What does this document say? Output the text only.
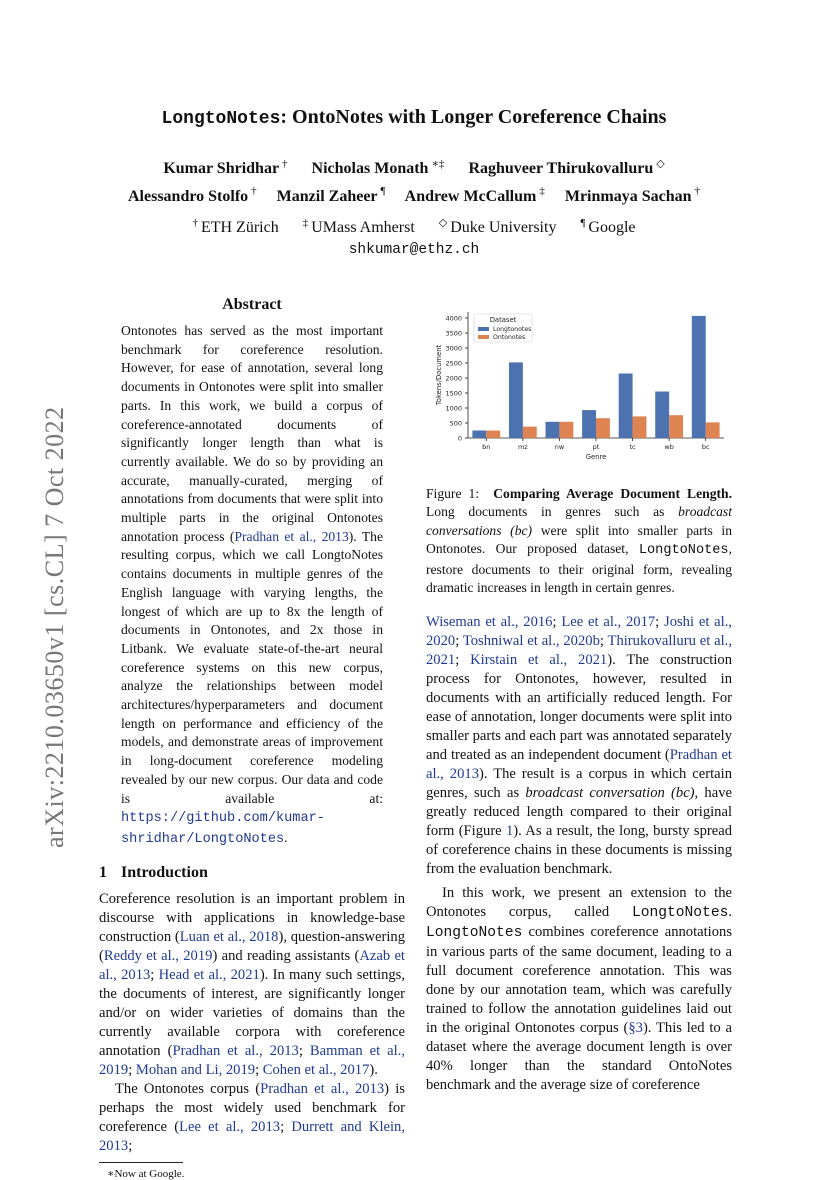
arXiv:2210.03650v1 [cs.CL] 7 Oct 2022
LongtoNotes: OntoNotes with Longer Coreference Chains
Kumar Shridhar † Nicholas Monath ∗‡ Raghuveer Thirukovalluru ◇
Alessandro Stolfo † Manzil Zaheer ¶ Andrew McCallum ‡ Mrinmaya Sachan †
† ETH Zürich ‡ UMass Amherst ◇ Duke University ¶ Google
shkumar@ethz.ch
Abstract

Ontonotes has served as the most important benchmark for coreference resolution. However, for ease of annotation, several long documents in Ontonotes were split into smaller parts. In this work, we build a corpus of coreference-annotated documents of significantly longer length than what is currently available. We do so by providing an accurate, manually-curated, merging of annotations from documents that were split into multiple parts in the original Ontonotes annotation process (Pradhan et al., 2013). The resulting corpus, which we call LongtoNotes contains documents in multiple genres of the English language with varying lengths, the longest of which are up to 8x the length of documents in Ontonotes, and 2x those in Litbank. We evaluate state-of-the-art neural coreference systems on this new corpus, analyze the relationships between model architectures/hyperparameters and document length on performance and efficiency of the models, and demonstrate areas of improvement in long-document coreference modeling revealed by our new corpus. Our data and code is available at: https://github.com/kumar-shridhar/LongtoNotes.

1 Introduction

Coreference resolution is an important problem in discourse with applications in knowledge-base construction (Luan et al., 2018), question-answering (Reddy et al., 2019) and reading assistants (Azab et al., 2013; Head et al., 2021). In many such settings, the documents of interest, are significantly longer and/or on wider varieties of domains than the currently available corpora with coreference annotation (Pradhan et al., 2013; Bamman et al., 2019; Mohan and Li, 2019; Cohen et al., 2017).

The Ontonotes corpus (Pradhan et al., 2013) is perhaps the most widely used benchmark for coreference (Lee et al., 2013; Durrett and Klein, 2013;

∗Now at Google.
0
500
1000
1500
2000
2500
3000
3500
4000
bn	mz	nw	pt	tc	wb	bc
Genre
Tokens/Document
Dataset
Longtonotes
Ontonotes

Figure 1: Comparing Average Document Length. Long documents in genres such as broadcast conversations (bc) were split into smaller parts in Ontonotes. Our proposed dataset, LongtoNotes, restore documents to their original form, revealing dramatic increases in length in certain genres.

Wiseman et al., 2016; Lee et al., 2017; Joshi et al., 2020; Toshniwal et al., 2020b; Thirukovalluru et al., 2021; Kirstain et al., 2021). The construction process for Ontonotes, however, resulted in documents with an artificially reduced length. For ease of annotation, longer documents were split into smaller parts and each part was annotated separately and treated as an independent document (Pradhan et al., 2013). The result is a corpus in which certain genres, such as broadcast conversation (bc), have greatly reduced length compared to their original form (Figure 1). As a result, the long, bursty spread of coreference chains in these documents is missing from the evaluation benchmark.

In this work, we present an extension to the Ontonotes corpus, called LongtoNotes. LongtoNotes combines coreference annotations in various parts of the same document, leading to a full document coreference annotation. This was done by our annotation team, which was carefully trained to follow the annotation guidelines laid out in the original Ontonotes corpus (§3). This led to a dataset where the average document length is over 40% longer than the standard OntoNotes benchmark and the average size of coreference
